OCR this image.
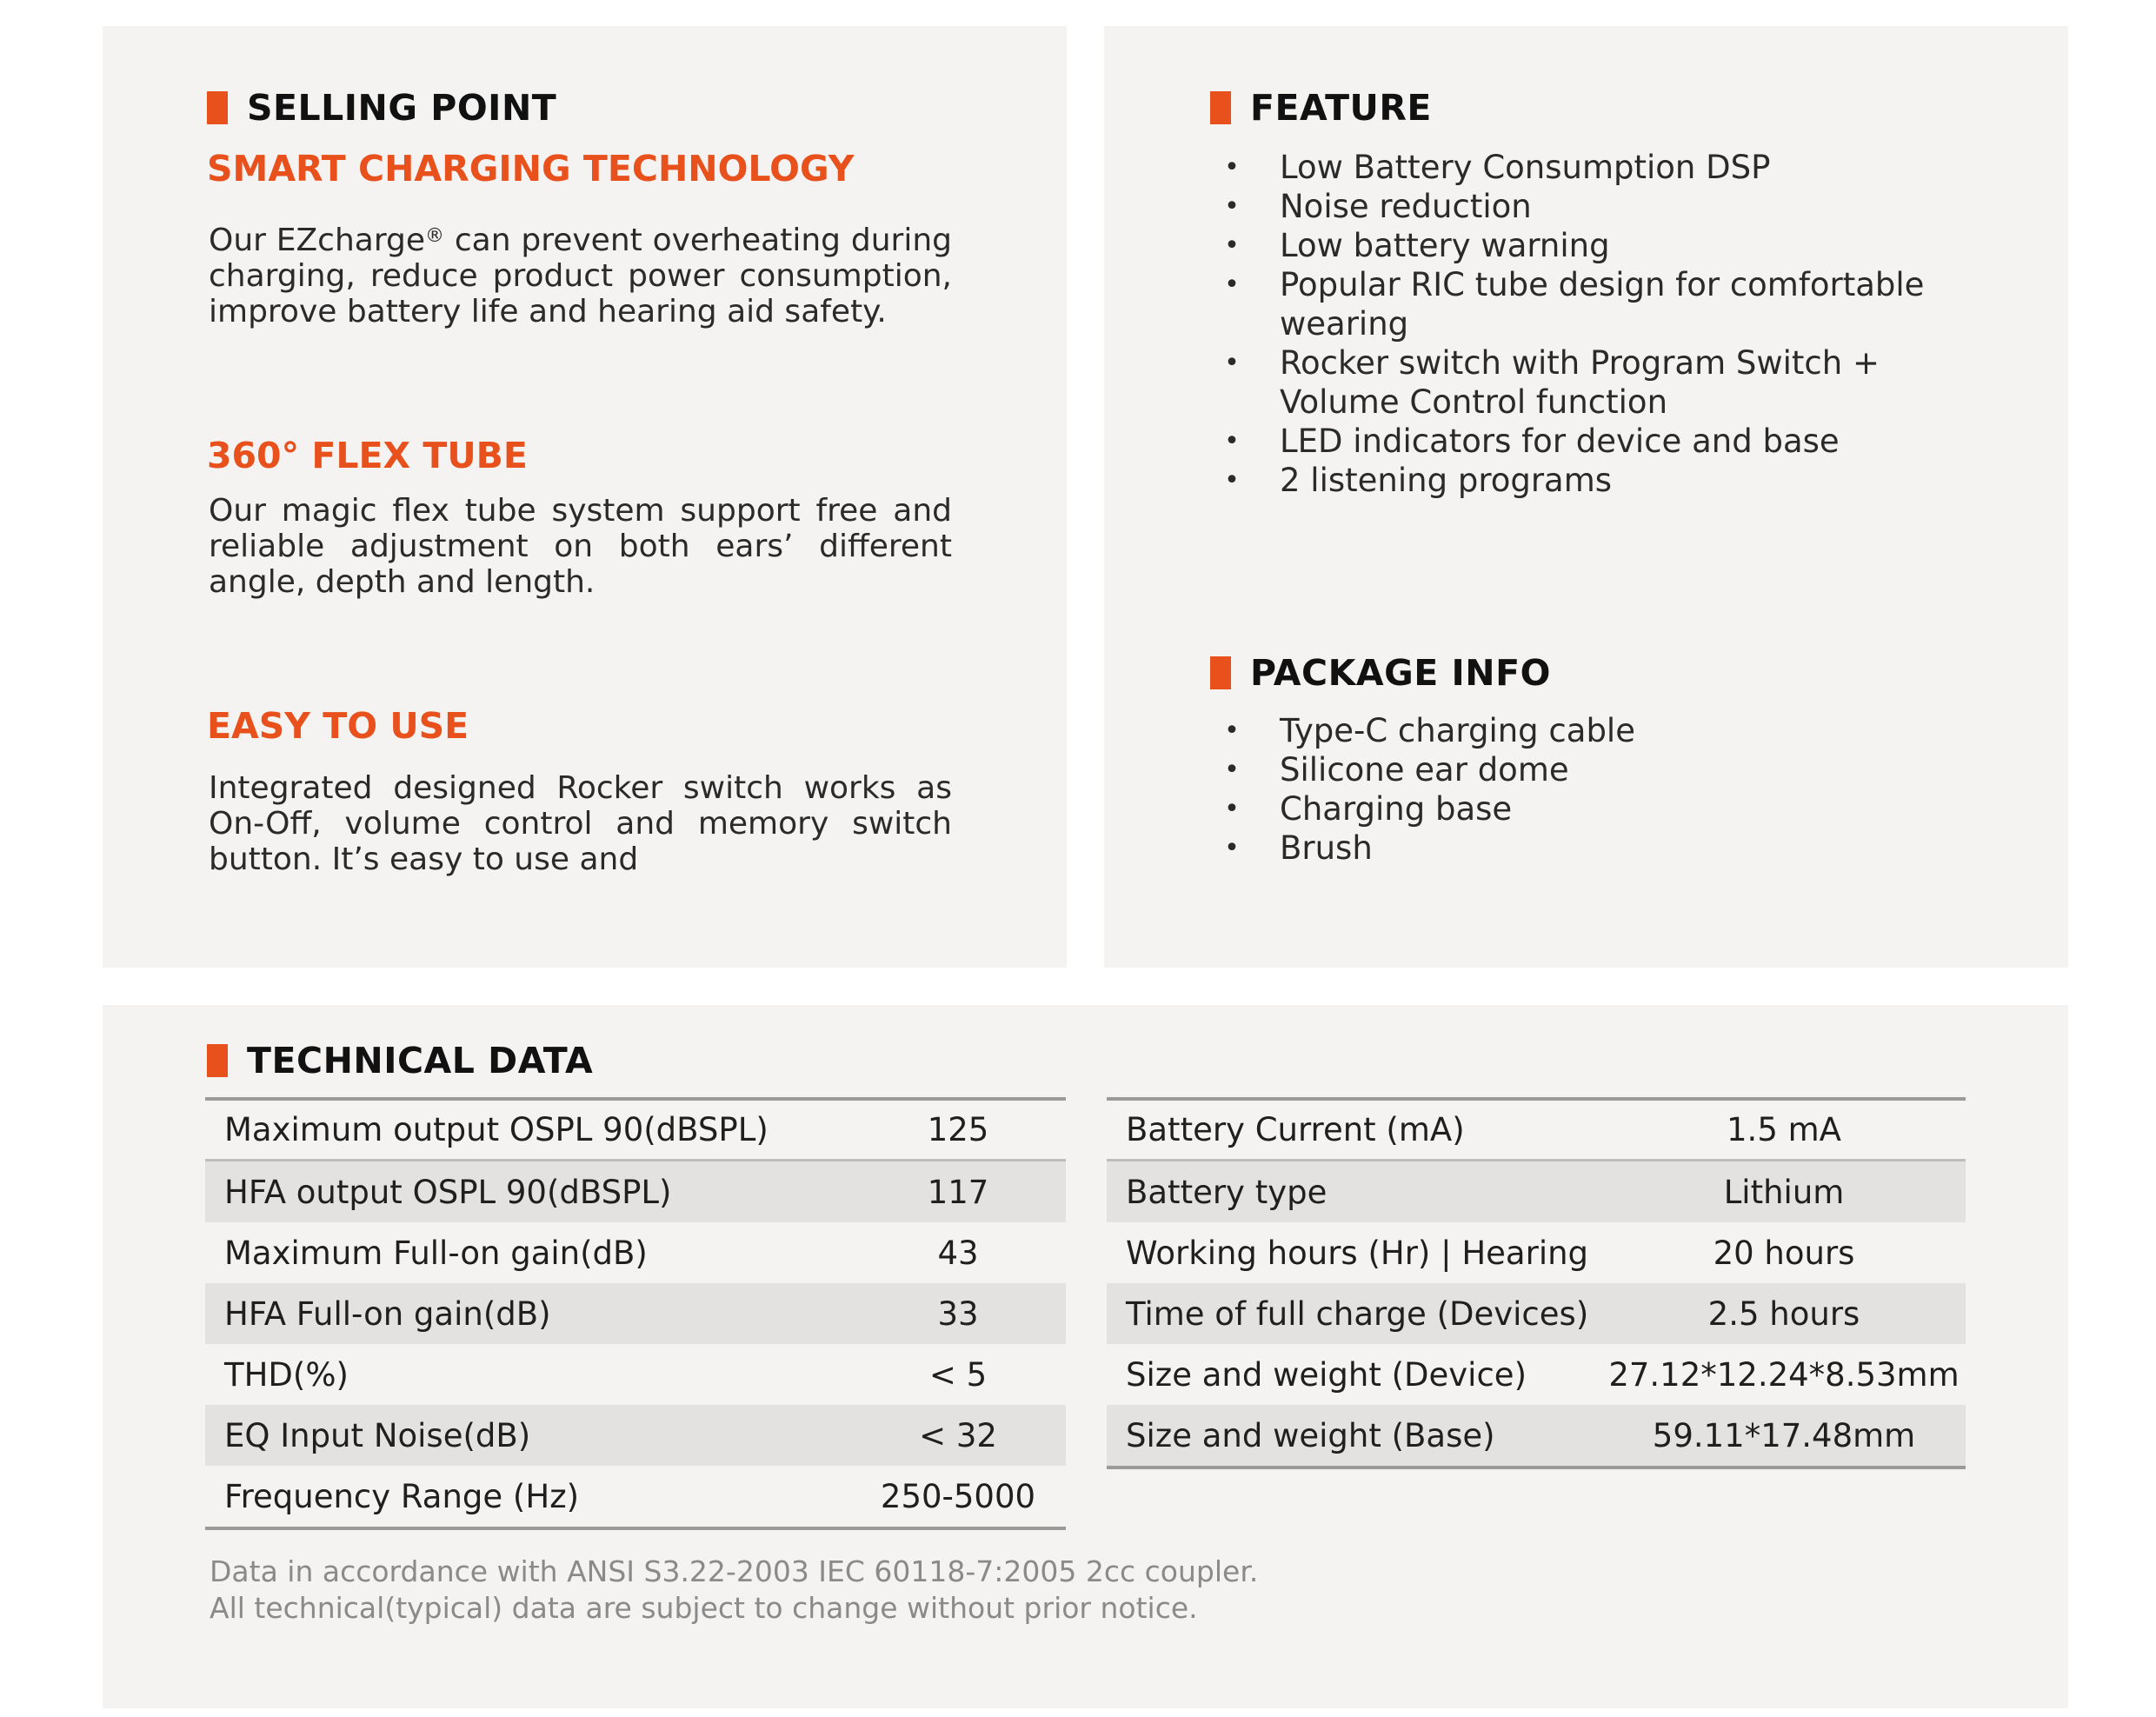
SELLING POINT
SMART CHARGING TECHNOLOGY
Our EZcharge® can prevent overheating during charging, reduce product power consumption, improve battery life and hearing aid safety.
360° FLEX TUBE
Our magic flex tube system support free and reliable adjustment on both ears’ different angle, depth and length.
EASY TO USE
Integrated designed Rocker switch works as On-Off, volume control and memory switch button. It’s easy to use and
FEATURE
• Low Battery Consumption DSP
• Noise reduction
• Low battery warning
• Popular RIC tube design for comfortable wearing
• Rocker switch with Program Switch + Volume Control function
• LED indicators for device and base
• 2 listening programs
PACKAGE INFO
• Type-C charging cable
• Silicone ear dome
• Charging base
• Brush
TECHNICAL DATA
Maximum output OSPL 90(dBSPL)	125
HFA output OSPL 90(dBSPL)	117
Maximum Full-on gain(dB)	43
HFA Full-on gain(dB)	33
THD(%)	< 5
EQ Input Noise(dB)	< 32
Frequency Range (Hz)	250-5000
Battery Current (mA)	1.5 mA
Battery type	Lithium
Working hours (Hr) | Hearing	20 hours
Time of full charge (Devices)	2.5 hours
Size and weight (Device)	27.12*12.24*8.53mm
Size and weight (Base)	59.11*17.48mm
Data in accordance with ANSI S3.22-2003 IEC 60118-7:2005 2cc coupler.
All technical(typical) data are subject to change without prior notice.
